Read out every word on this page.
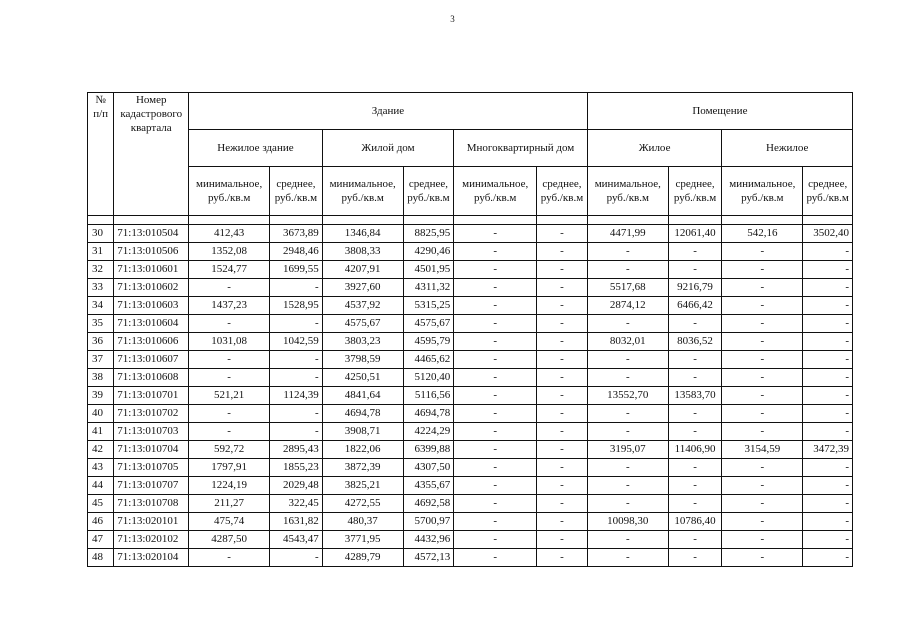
3
№ п/п	Номер кадастрового квартала	Здание						Помещение			
		Нежилое здание		Жилой дом		Многоквартирный дом		Жилое		Нежилое	
		минимальное, руб./кв.м	среднее, руб./кв.м	минимальное, руб./кв.м	среднее, руб./кв.м	минимальное, руб./кв.м	среднее, руб./кв.м	минимальное, руб./кв.м	среднее, руб./кв.м	минимальное, руб./кв.м	среднее, руб./кв.м

30	71:13:010504	412,43	3673,89	1346,84	8825,95	-	-	4471,99	12061,40	542,16	3502,40
31	71:13:010506	1352,08	2948,46	3808,33	4290,46	-	-	-	-	-	-
32	71:13:010601	1524,77	1699,55	4207,91	4501,95	-	-	-	-	-	-
33	71:13:010602	-	-	3927,60	4311,32	-	-	5517,68	9216,79	-	-
34	71:13:010603	1437,23	1528,95	4537,92	5315,25	-	-	2874,12	6466,42	-	-
35	71:13:010604	-	-	4575,67	4575,67	-	-	-	-	-	-
36	71:13:010606	1031,08	1042,59	3803,23	4595,79	-	-	8032,01	8036,52	-	-
37	71:13:010607	-	-	3798,59	4465,62	-	-	-	-	-	-
38	71:13:010608	-	-	4250,51	5120,40	-	-	-	-	-	-
39	71:13:010701	521,21	1124,39	4841,64	5116,56	-	-	13552,70	13583,70	-	-
40	71:13:010702	-	-	4694,78	4694,78	-	-	-	-	-	-
41	71:13:010703	-	-	3908,71	4224,29	-	-	-	-	-	-
42	71:13:010704	592,72	2895,43	1822,06	6399,88	-	-	3195,07	11406,90	3154,59	3472,39
43	71:13:010705	1797,91	1855,23	3872,39	4307,50	-	-	-	-	-	-
44	71:13:010707	1224,19	2029,48	3825,21	4355,67	-	-	-	-	-	-
45	71:13:010708	211,27	322,45	4272,55	4692,58	-	-	-	-	-	-
46	71:13:020101	475,74	1631,82	480,37	5700,97	-	-	10098,30	10786,40	-	-
47	71:13:020102	4287,50	4543,47	3771,95	4432,96	-	-	-	-	-	-
48	71:13:020104	-	-	4289,79	4572,13	-	-	-	-	-	-
